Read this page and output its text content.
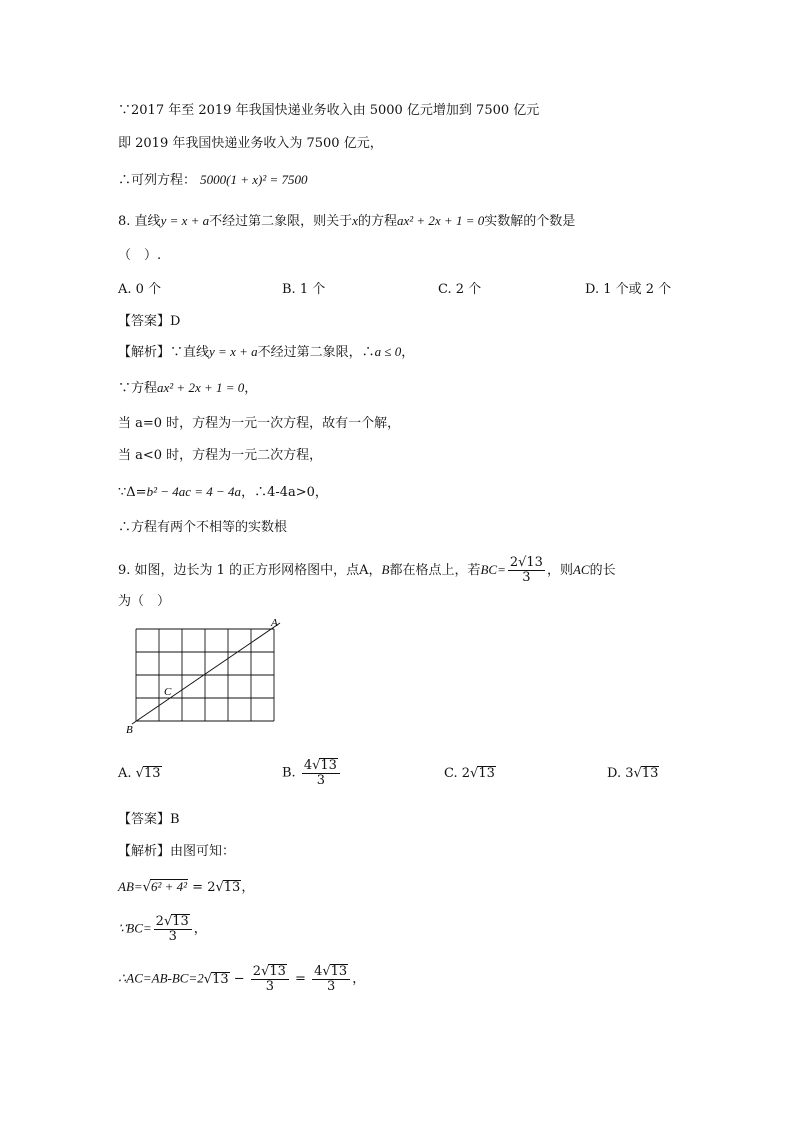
∵2017 年至 2019 年我国快递业务收入由 5000 亿元增加到 7500 亿元
即 2019 年我国快递业务收入为 7500 亿元，
∴可列方程： 5000(1 + x)² = 7500
8. 直线y = x + a不经过第二象限，则关于x的方程ax² + 2x + 1 = 0实数解的个数是
（　）.
A. 0 个	B. 1 个	C. 2 个	D. 1 个或 2 个
【答案】D
【解析】∵直线y = x + a不经过第二象限，∴a ≤ 0，
∵方程ax² + 2x + 1 = 0，
当 a=0 时，方程为一元一次方程，故有一个解，
当 a<0 时，方程为一元二次方程，
∵Δ=b² − 4ac = 4 − 4a，∴4-4a>0，
∴方程有两个不相等的实数根
9. 如图，边长为 1 的正方形网格图中，点A，B都在格点上，若$BC= \frac{2√13}{3}$ ，则AC的长
为（　）
A
B
C
A. √13	B. $\frac{4√13}{3}$	C. 2√13	D. 3√13
【答案】B
【解析】由图可知：
AB=√6² + 4² = 2√13，
∵BC= $\frac{2√13}{3}$ ，
∴AC=AB-BC=2√13 − $\frac{2√13}{3} = \frac{4√13}{3}$ ，
